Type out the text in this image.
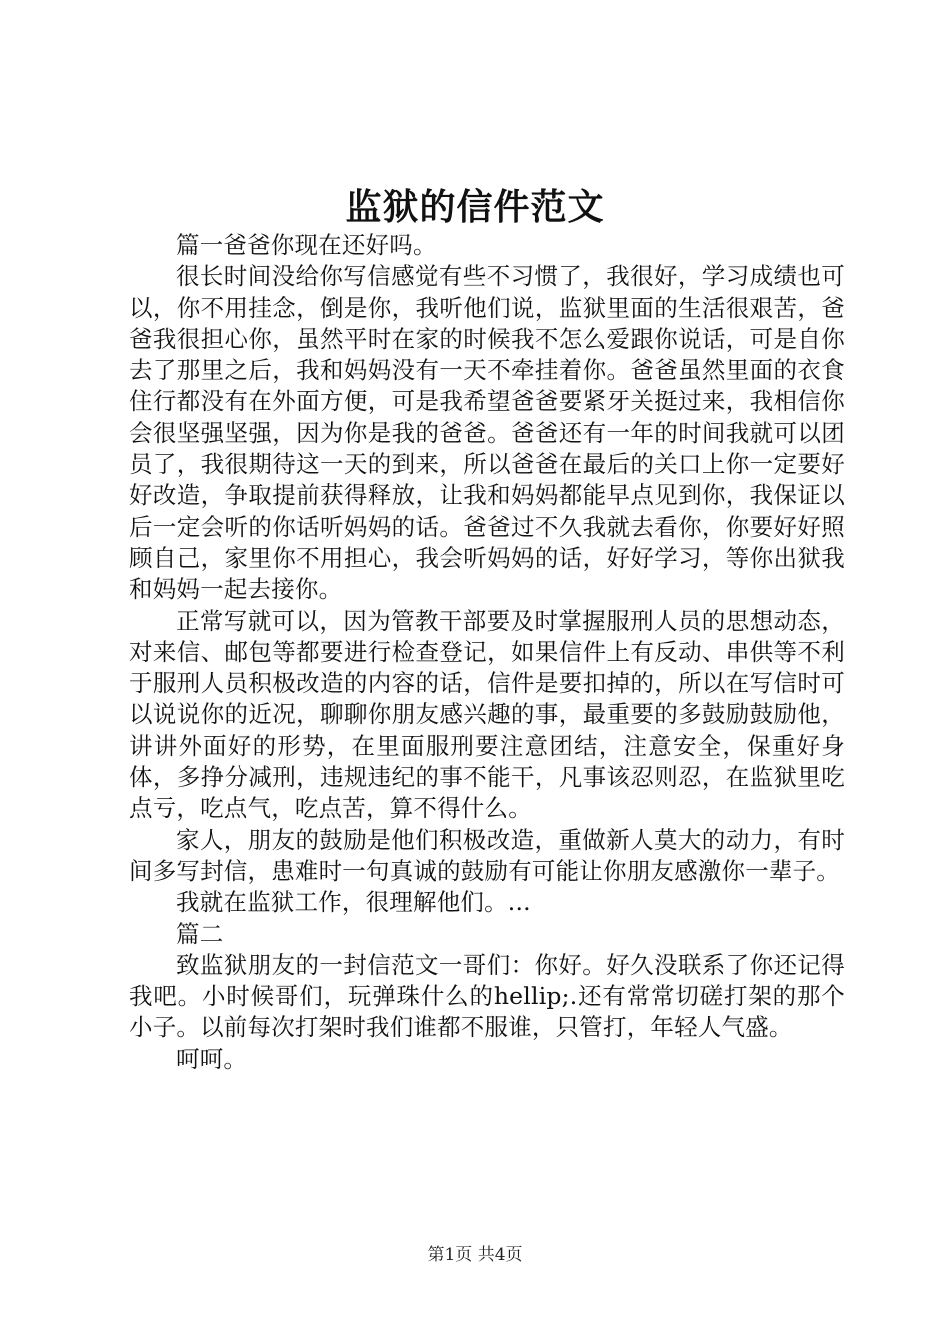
监狱的信件范文

篇一爸爸你现在还好吗。

很长时间没给你写信感觉有些不习惯了，我很好，学习成绩也可以，你不用挂念，倒是你，我听他们说，监狱里面的生活很艰苦，爸爸我很担心你，虽然平时在家的时候我不怎么爱跟你说话，可是自你去了那里之后，我和妈妈没有一天不牵挂着你。爸爸虽然里面的衣食住行都没有在外面方便，可是我希望爸爸要紧牙关挺过来，我相信你会很坚强坚强，因为你是我的爸爸。爸爸还有一年的时间我就可以团员了，我很期待这一天的到来，所以爸爸在最后的关口上你一定要好好改造，争取提前获得释放，让我和妈妈都能早点见到你，我保证以后一定会听的你话听妈妈的话。爸爸过不久我就去看你，你要好好照顾自己，家里你不用担心，我会听妈妈的话，好好学习，等你出狱我和妈妈一起去接你。

正常写就可以，因为管教干部要及时掌握服刑人员的思想动态，对来信、邮包等都要进行检查登记，如果信件上有反动、串供等不利于服刑人员积极改造的内容的话，信件是要扣掉的，所以在写信时可以说说你的近况，聊聊你朋友感兴趣的事，最重要的多鼓励鼓励他，讲讲外面好的形势，在里面服刑要注意团结，注意安全，保重好身体，多挣分减刑，违规违纪的事不能干，凡事该忍则忍，在监狱里吃点亏，吃点气，吃点苦，算不得什么。

家人，朋友的鼓励是他们积极改造，重做新人莫大的动力，有时间多写封信，患难时一句真诚的鼓励有可能让你朋友感激你一辈子。

我就在监狱工作，很理解他们。...

篇二

致监狱朋友的一封信范文一哥们：你好。好久没联系了你还记得我吧。小时候哥们，玩弹珠什么的hellip;.还有常常切磋打架的那个小子。以前每次打架时我们谁都不服谁，只管打，年轻人气盛。

呵呵。

第1页 共4页
